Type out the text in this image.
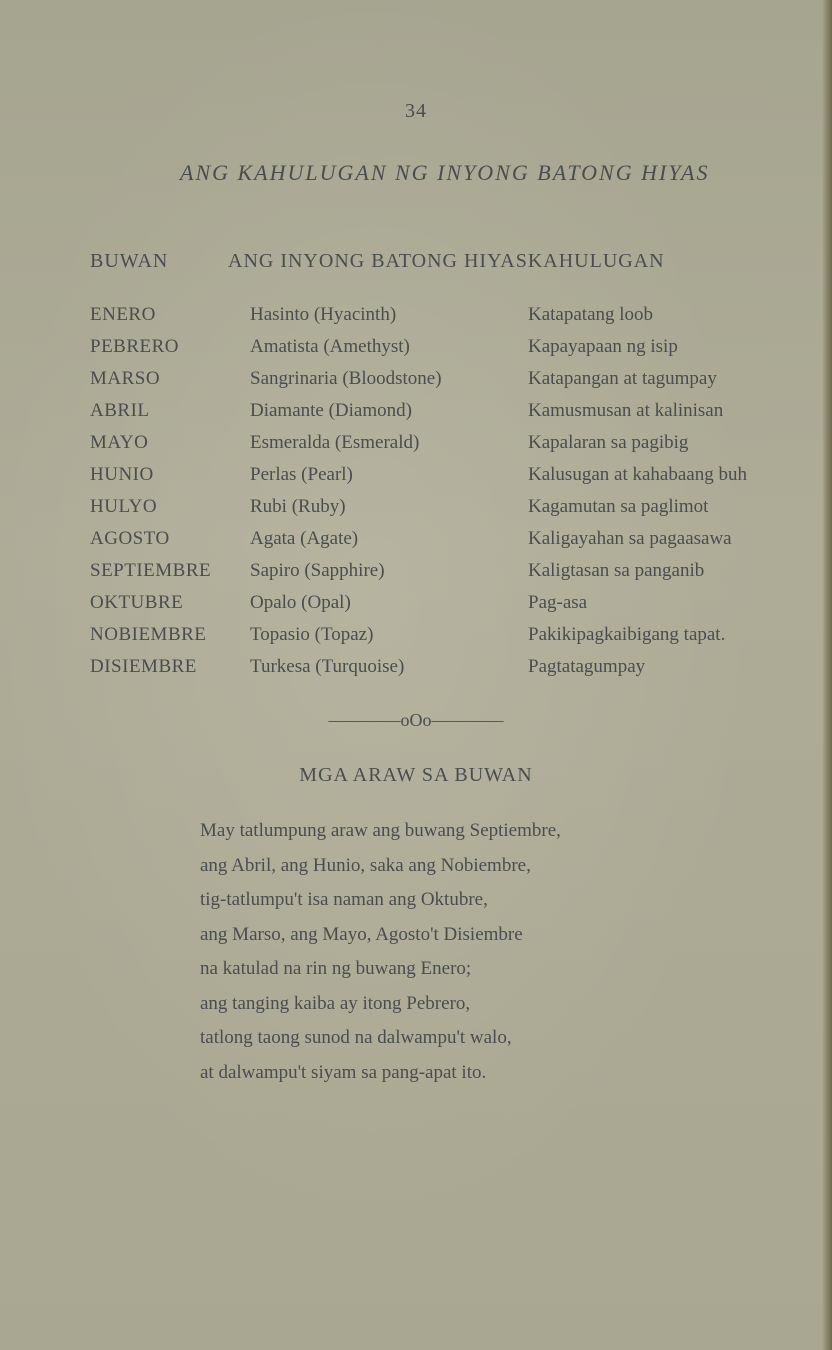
34
ANG KAHULUGAN NG INYONG BATONG HIYAS
BUWAN	ANG INYONG BATONG HIYASKAHULUGAN
ENERO	Hasinto (Hyacinth)	Katapatang loob
PEBRERO	Amatista (Amethyst)	Kapayapaan ng isip
MARSO	Sangrinaria (Bloodstone)	Katapangan at tagumpay
ABRIL	Diamante (Diamond)	Kamusmusan at kalinisan
MAYO	Esmeralda (Esmerald)	Kapalaran sa pagibig
HUNIO	Perlas (Pearl)	Kalusugan at kahabaang buh
HULYO	Rubi (Ruby)	Kagamutan sa paglimot
AGOSTO	Agata (Agate)	Kaligayahan sa pagaasawa
SEPTIEMBRE Sapiro (Sapphire)	Kaligtasan sa panganib
OKTUBRE	Opalo (Opal)	Pag-asa
NOBIEMBRE Topasio (Topaz)	Pakikipagkaibigang tapat.
DISIEMBRE	Turkesa (Turquoise)	Pagtatagumpay
————oOo————
MGA ARAW SA BUWAN
May tatlumpung araw ang buwang Septiembre,
ang Abril, ang Hunio, saka ang Nobiembre,
tig-tatlumpu't isa naman ang Oktubre,
ang Marso, ang Mayo, Agosto't Disiembre
na katulad na rin ng buwang Enero;
ang tanging kaiba ay itong Pebrero,
tatlong taong sunod na dalwampu't walo,
at dalwampu't siyam sa pang-apat ito.
